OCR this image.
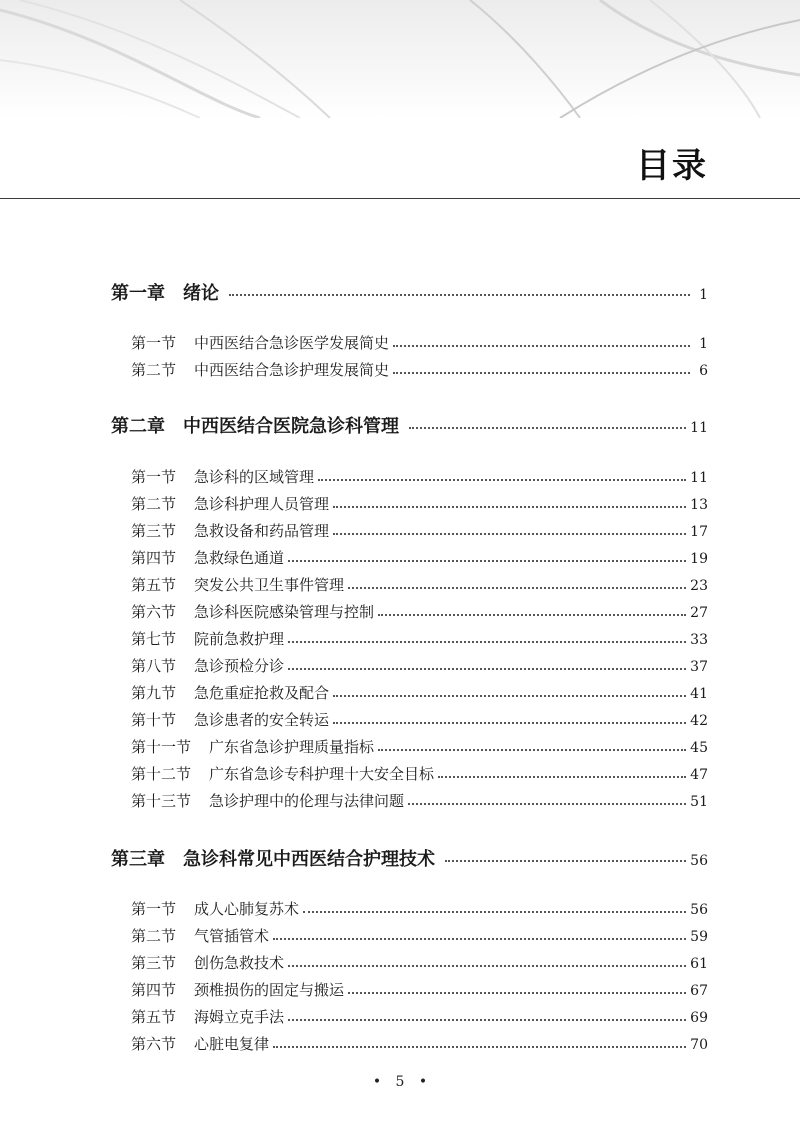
目录
第一章	绪论	1
第一节	中西医结合急诊医学发展简史	1
第二节	中西医结合急诊护理发展简史	6
第二章	中西医结合医院急诊科管理	11
第一节	急诊科的区域管理	11
第二节	急诊科护理人员管理	13
第三节	急救设备和药品管理	17
第四节	急救绿色通道	19
第五节	突发公共卫生事件管理	23
第六节	急诊科医院感染管理与控制	27
第七节	院前急救护理	33
第八节	急诊预检分诊	37
第九节	急危重症抢救及配合	41
第十节	急诊患者的安全转运	42
第十一节	广东省急诊护理质量指标	45
第十二节	广东省急诊专科护理十大安全目标	47
第十三节	急诊护理中的伦理与法律问题	51
第三章	急诊科常见中西医结合护理技术	56
第一节	成人心肺复苏术	56
第二节	气管插管术	59
第三节	创伤急救技术	61
第四节	颈椎损伤的固定与搬运	67
第五节	海姆立克手法	69
第六节	心脏电复律	70
• 5 •
